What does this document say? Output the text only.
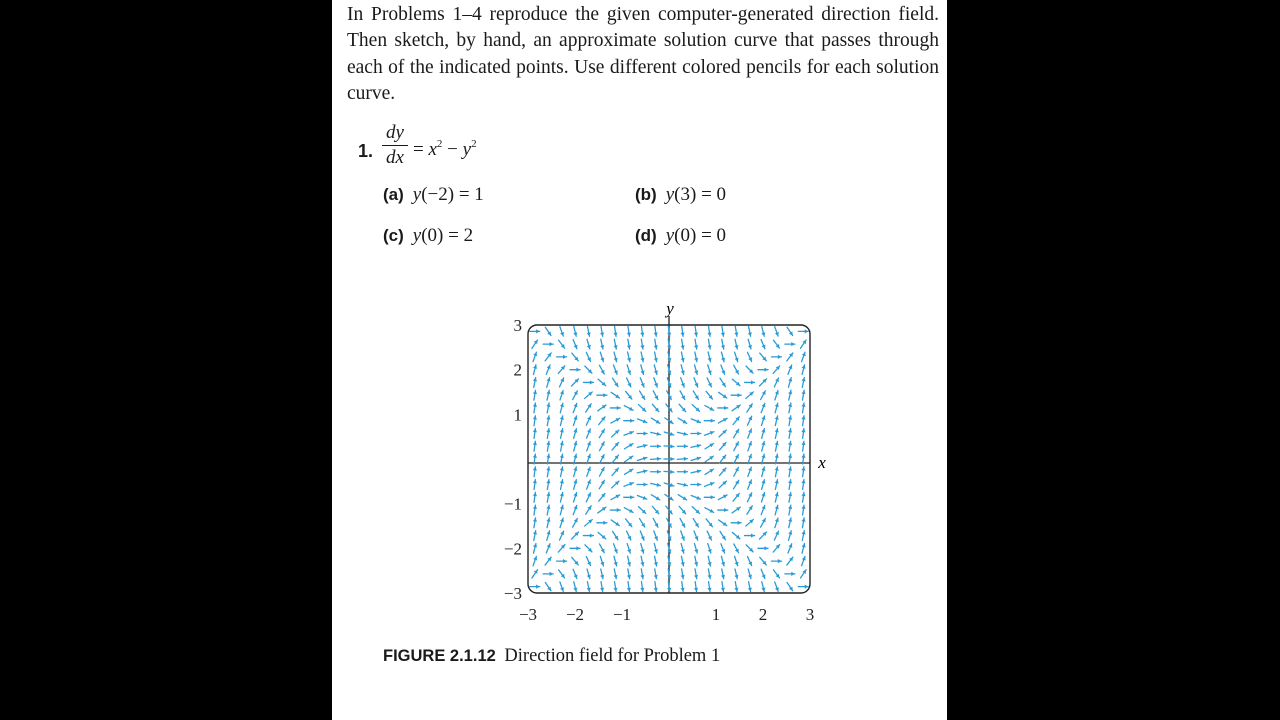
In Problems 1–4 reproduce the given computer-generated direction field. Then sketch, by hand, an approximate solution curve that passes through each of the indicated points. Use different colored pencils for each solution curve.

1.
dy
dx = $x^2 - y^2$
(a) y(−2) = 1	(b) y(3) = 0
(c) y(0) = 2	(d) y(0) = 0
x
y
−3 −2 −1	1 2 3
3
2
1
−1
−2
−3
FIGURE 2.1.12 Direction field for Problem 1
